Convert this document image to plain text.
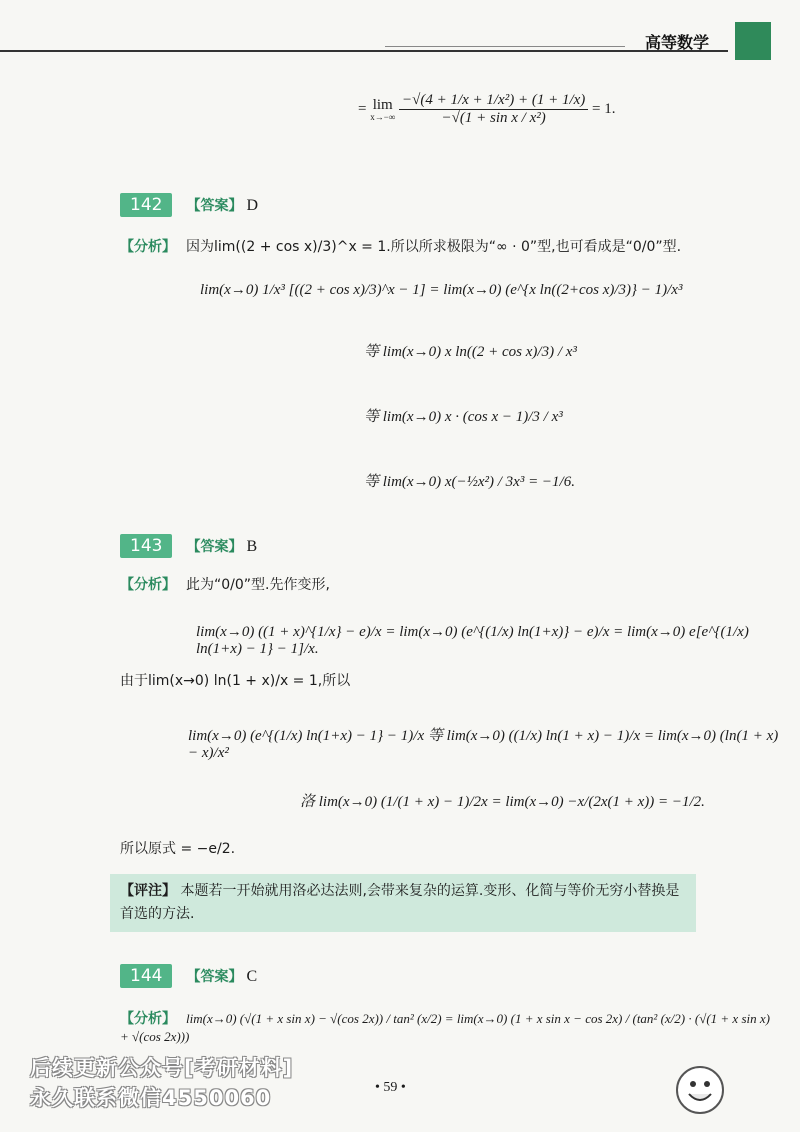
高等数学
= lim
x→−∞
$\frac{\text{−√(4 + 1/x + 1/x²) + (1 + 1/x)}}{\text{−√(1 + sin x / x²)}} = 1$.
142 【答案】 D
【分析】 因为lim((2 + cos x)/3)^x = 1.所以所求极限为“∞ · 0”型,也可看成是“0/0”型.
lim(x→0) 1/x³ [((2 + cos x)/3)^x − 1] = lim(x→0) (e^{x ln((2+cos x)/3)} − 1)/x³
等 lim(x→0) x ln((2 + cos x)/3) / x³
等 lim(x→0) x · (cos x − 1)/3 / x³
等 lim(x→0) x(−½x²) / 3x³ = −1/6.
143 【答案】 B
【分析】 此为“0/0”型.先作变形,
lim(x→0) ((1 + x)^{1/x} − e)/x = lim(x→0) (e^{(1/x) ln(1+x)} − e)/x = lim(x→0) e[e^{(1/x) ln(1+x) − 1} − 1]/x.
由于lim(x→0) ln(1 + x)/x = 1,所以
lim(x→0) (e^{(1/x) ln(1+x) − 1} − 1)/x 等 lim(x→0) ((1/x) ln(1 + x) − 1)/x = lim(x→0) (ln(1 + x) − x)/x²
洛 lim(x→0) (1/(1 + x) − 1)/2x = lim(x→0) −x/(2x(1 + x)) = −1/2.
所以原式 = −e/2.
【评注】 本题若一开始就用洛必达法则,会带来复杂的运算.变形、化简与等价无穷小替换是首选的方法.
144 【答案】 C
【分析】 lim(x→0) (√(1 + x sin x) − √(cos 2x)) / tan² (x/2) = lim(x→0) (1 + x sin x − cos 2x) / (tan² (x/2) · (√(1 + x sin x) + √(cos 2x)))
• 59 •
后续更新公众号[考研材料]
永久联系微信4550060
